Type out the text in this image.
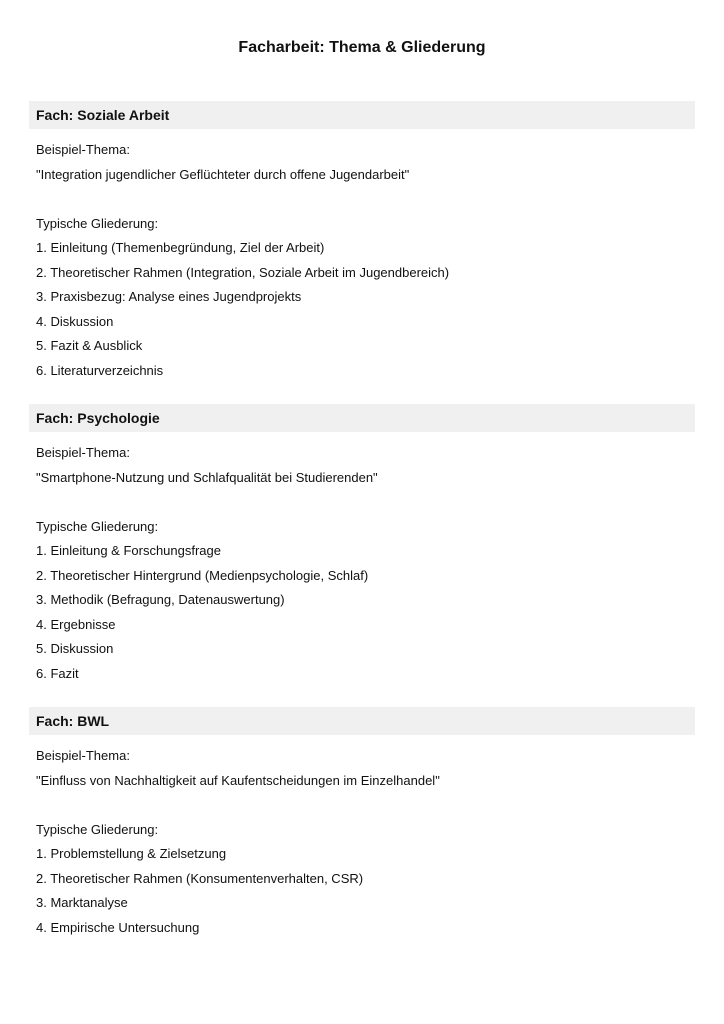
Facharbeit: Thema & Gliederung
Fach: Soziale Arbeit

Beispiel-Thema:

"Integration jugendlicher Geflüchteter durch offene Jugendarbeit"

Typische Gliederung:

1. Einleitung (Themenbegründung, Ziel der Arbeit)

2. Theoretischer Rahmen (Integration, Soziale Arbeit im Jugendbereich)

3. Praxisbezug: Analyse eines Jugendprojekts

4. Diskussion

5. Fazit & Ausblick

6. Literaturverzeichnis

Fach: Psychologie

Beispiel-Thema:

"Smartphone-Nutzung und Schlafqualität bei Studierenden"

Typische Gliederung:

1. Einleitung & Forschungsfrage

2. Theoretischer Hintergrund (Medienpsychologie, Schlaf)

3. Methodik (Befragung, Datenauswertung)

4. Ergebnisse

5. Diskussion

6. Fazit

Fach: BWL

Beispiel-Thema:

"Einfluss von Nachhaltigkeit auf Kaufentscheidungen im Einzelhandel"

Typische Gliederung:

1. Problemstellung & Zielsetzung

2. Theoretischer Rahmen (Konsumentenverhalten, CSR)

3. Marktanalyse

4. Empirische Untersuchung
